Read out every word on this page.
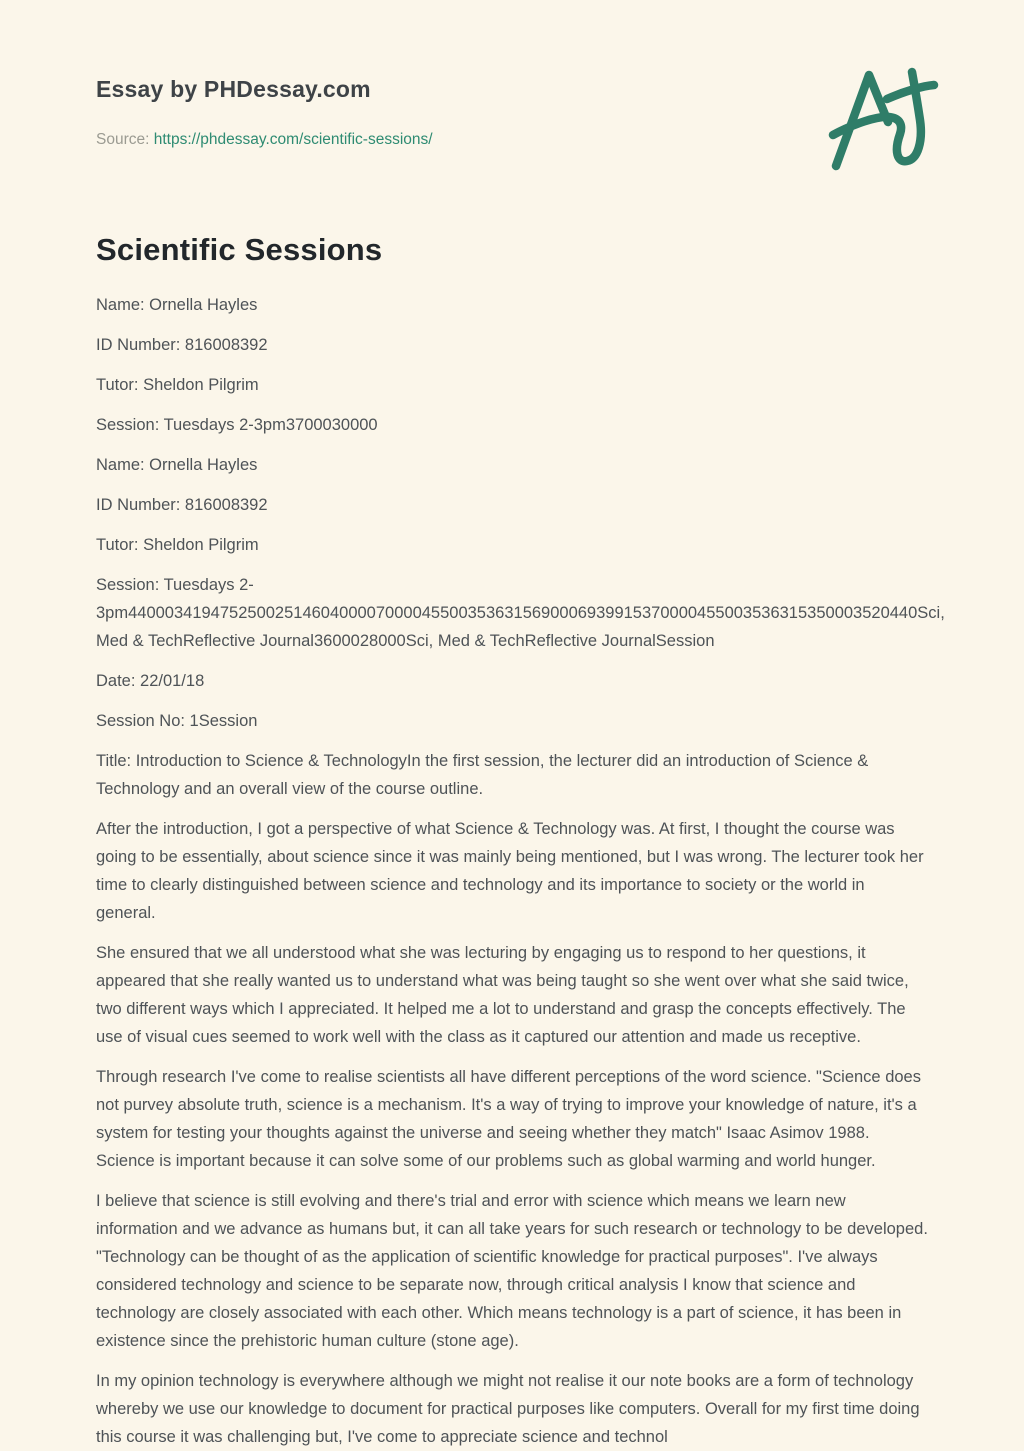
Essay by PHDessay.com

Source: https://phdessay.com/scientific-sessions/

Scientific Sessions

Name: Ornella Hayles

ID Number: 816008392

Tutor: Sheldon Pilgrim

Session: Tuesdays 2-3pm3700030000

Name: Ornella Hayles

ID Number: 816008392

Tutor: Sheldon Pilgrim

Session: Tuesdays 2-3pm44000341947525002514604000070000455003536315690006939915370000455003536315350003520440Sci, Med & TechReflective Journal3600028000Sci, Med & TechReflective JournalSession

Date: 22/01/18

Session No: 1Session

Title: Introduction to Science & TechnologyIn the first session, the lecturer did an introduction of Science & Technology and an overall view of the course outline.

After the introduction, I got a perspective of what Science & Technology was. At first, I thought the course was going to be essentially, about science since it was mainly being mentioned, but I was wrong. The lecturer took her time to clearly distinguished between science and technology and its importance to society or the world in general.

She ensured that we all understood what she was lecturing by engaging us to respond to her questions, it appeared that she really wanted us to understand what was being taught so she went over what she said twice, two different ways which I appreciated. It helped me a lot to understand and grasp the concepts effectively. The use of visual cues seemed to work well with the class as it captured our attention and made us receptive.

Through research I've come to realise scientists all have different perceptions of the word science. "Science does not purvey absolute truth, science is a mechanism. It's a way of trying to improve your knowledge of nature, it's a system for testing your thoughts against the universe and seeing whether they match" Isaac Asimov 1988. Science is important because it can solve some of our problems such as global warming and world hunger.

I believe that science is still evolving and there's trial and error with science which means we learn new information and we advance as humans but, it can all take years for such research or technology to be developed. "Technology can be thought of as the application of scientific knowledge for practical purposes". I've always considered technology and science to be separate now, through critical analysis I know that science and technology are closely associated with each other. Which means technology is a part of science, it has been in existence since the prehistoric human culture (stone age).

In my opinion technology is everywhere although we might not realise it our note books are a form of technology whereby we use our knowledge to document for practical purposes like computers. Overall for my first time doing this course it was challenging but, I've come to appreciate science and technol
